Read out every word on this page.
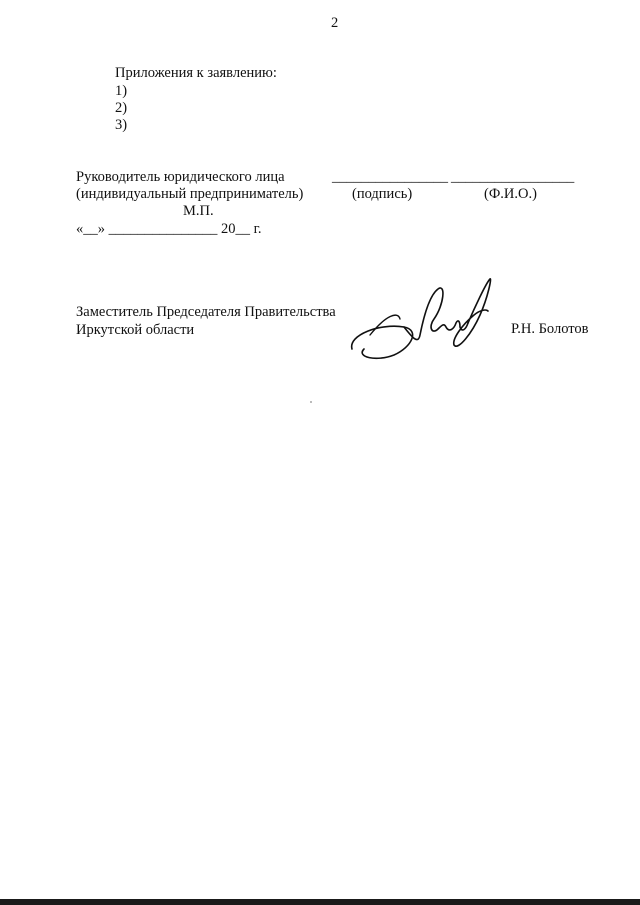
2
Приложения к заявлению:
1)
2)
3)
Руководитель юридического лица
(индивидуальный предприниматель)
________________ _________________
(подпись)	(Ф.И.О.)
М.П.
«__» _______________ 20__ г.
Заместитель Председателя Правительства
Иркутской области	Р.Н. Болотов
